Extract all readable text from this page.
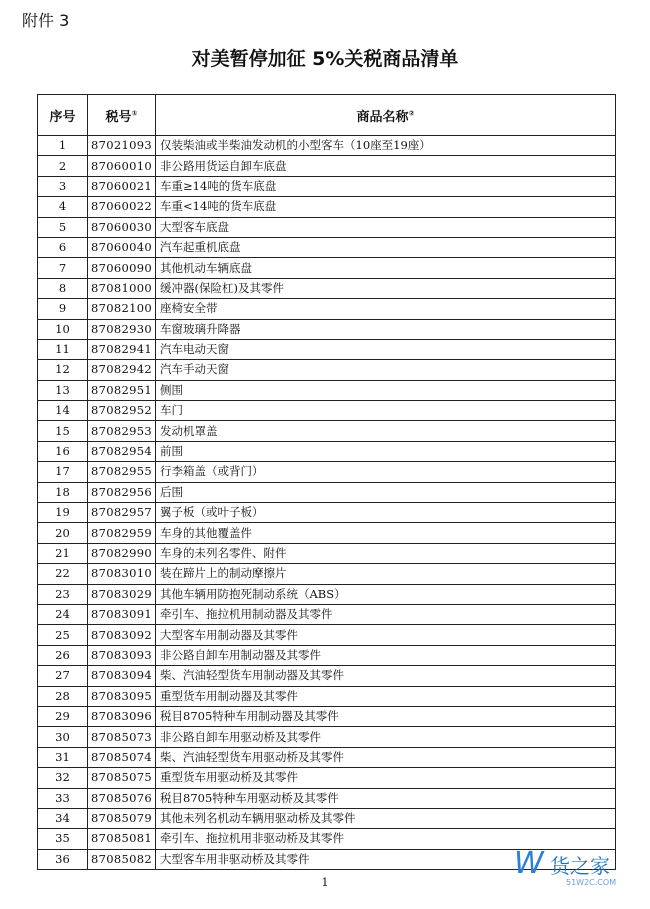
附件 3
对美暂停加征 5%关税商品清单
序号	税号①	商品名称②
1	87021093	仅装柴油或半柴油发动机的小型客车（10座至19座）
2	87060010	非公路用货运自卸车底盘
3	87060021	车重≥14吨的货车底盘
4	87060022	车重<14吨的货车底盘
5	87060030	大型客车底盘
6	87060040	汽车起重机底盘
7	87060090	其他机动车辆底盘
8	87081000	缓冲器(保险杠)及其零件
9	87082100	座椅安全带
10	87082930	车窗玻璃升降器
11	87082941	汽车电动天窗
12	87082942	汽车手动天窗
13	87082951	侧围
14	87082952	车门
15	87082953	发动机罩盖
16	87082954	前围
17	87082955	行李箱盖（或背门）
18	87082956	后围
19	87082957	翼子板（或叶子板）
20	87082959	车身的其他覆盖件
21	87082990	车身的未列名零件、附件
22	87083010	装在蹄片上的制动摩擦片
23	87083029	其他车辆用防抱死制动系统（ABS）
24	87083091	牵引车、拖拉机用制动器及其零件
25	87083092	大型客车用制动器及其零件
26	87083093	非公路自卸车用制动器及其零件
27	87083094	柴、汽油轻型货车用制动器及其零件
28	87083095	重型货车用制动器及其零件
29	87083096	税目8705特种车用制动器及其零件
30	87085073	非公路自卸车用驱动桥及其零件
31	87085074	柴、汽油轻型货车用驱动桥及其零件
32	87085075	重型货车用驱动桥及其零件
33	87085076	税目8705特种车用驱动桥及其零件
34	87085079	其他未列名机动车辆用驱动桥及其零件
35	87085081	牵引车、拖拉机用非驱动桥及其零件
36	87085082	大型客车用非驱动桥及其零件
1
W 货之家
51W2C.COM
